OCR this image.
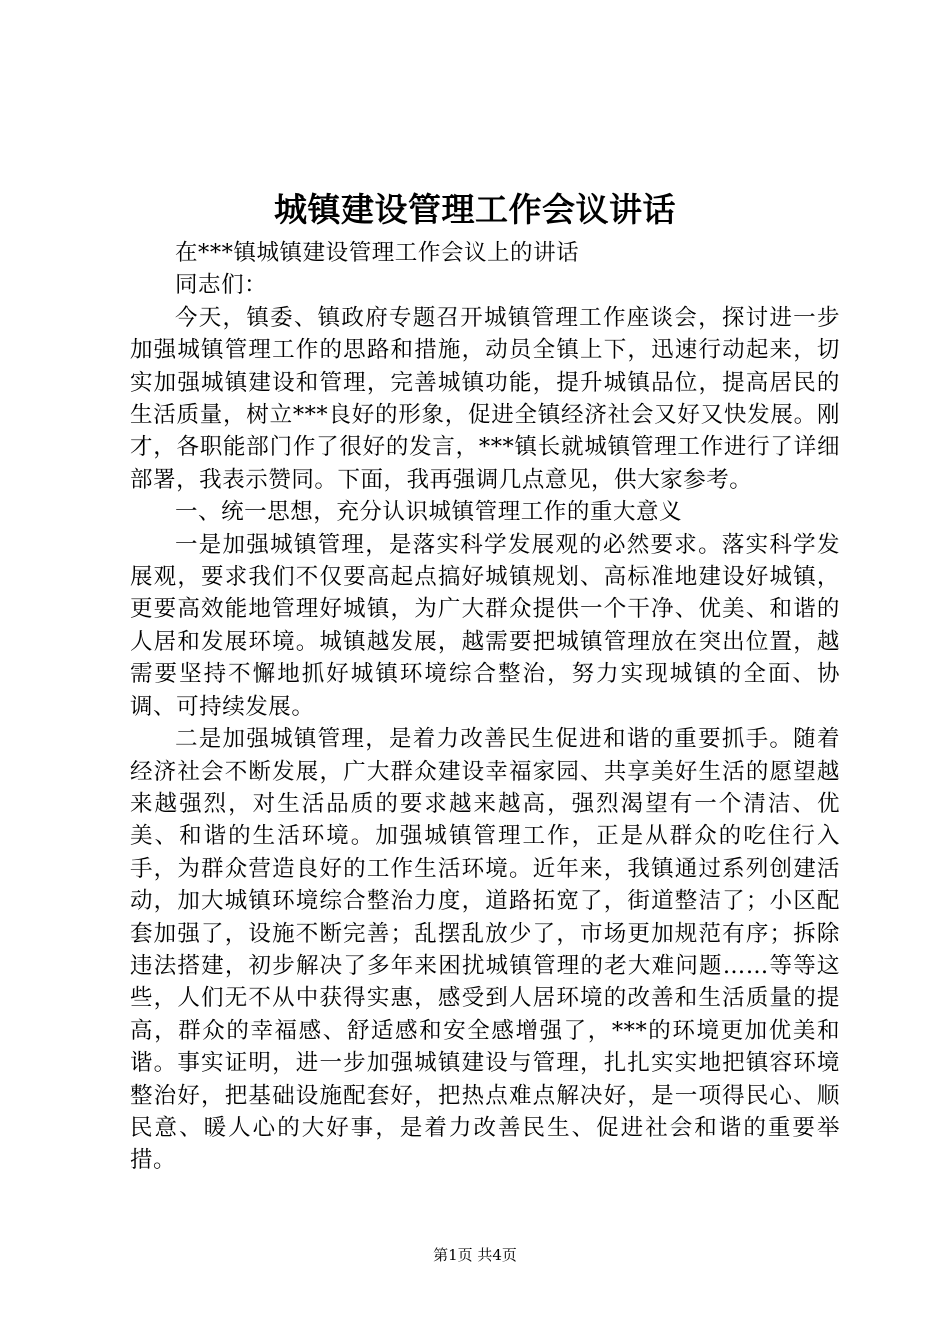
城镇建设管理工作会议讲话

在***镇城镇建设管理工作会议上的讲话

同志们：

今天，镇委、镇政府专题召开城镇管理工作座谈会，探讨进一步加强城镇管理工作的思路和措施，动员全镇上下，迅速行动起来，切实加强城镇建设和管理，完善城镇功能，提升城镇品位，提高居民的生活质量，树立***良好的形象，促进全镇经济社会又好又快发展。刚才，各职能部门作了很好的发言，***镇长就城镇管理工作进行了详细部署，我表示赞同。下面，我再强调几点意见，供大家参考。

一、统一思想，充分认识城镇管理工作的重大意义

一是加强城镇管理，是落实科学发展观的必然要求。落实科学发展观，要求我们不仅要高起点搞好城镇规划、高标准地建设好城镇，更要高效能地管理好城镇，为广大群众提供一个干净、优美、和谐的人居和发展环境。城镇越发展，越需要把城镇管理放在突出位置，越需要坚持不懈地抓好城镇环境综合整治，努力实现城镇的全面、协调、可持续发展。

二是加强城镇管理，是着力改善民生促进和谐的重要抓手。随着经济社会不断发展，广大群众建设幸福家园、共享美好生活的愿望越来越强烈，对生活品质的要求越来越高，强烈渴望有一个清洁、优美、和谐的生活环境。加强城镇管理工作，正是从群众的吃住行入手，为群众营造良好的工作生活环境。近年来，我镇通过系列创建活动，加大城镇环境综合整治力度，道路拓宽了，街道整洁了；小区配套加强了，设施不断完善；乱摆乱放少了，市场更加规范有序；拆除违法搭建，初步解决了多年来困扰城镇管理的老大难问题……等等这些，人们无不从中获得实惠，感受到人居环境的改善和生活质量的提高，群众的幸福感、舒适感和安全感增强了，***的环境更加优美和谐。事实证明，进一步加强城镇建设与管理，扎扎实实地把镇容环境整治好，把基础设施配套好，把热点难点解决好，是一项得民心、顺民意、暖人心的大好事，是着力改善民生、促进社会和谐的重要举措。

第1页 共4页
